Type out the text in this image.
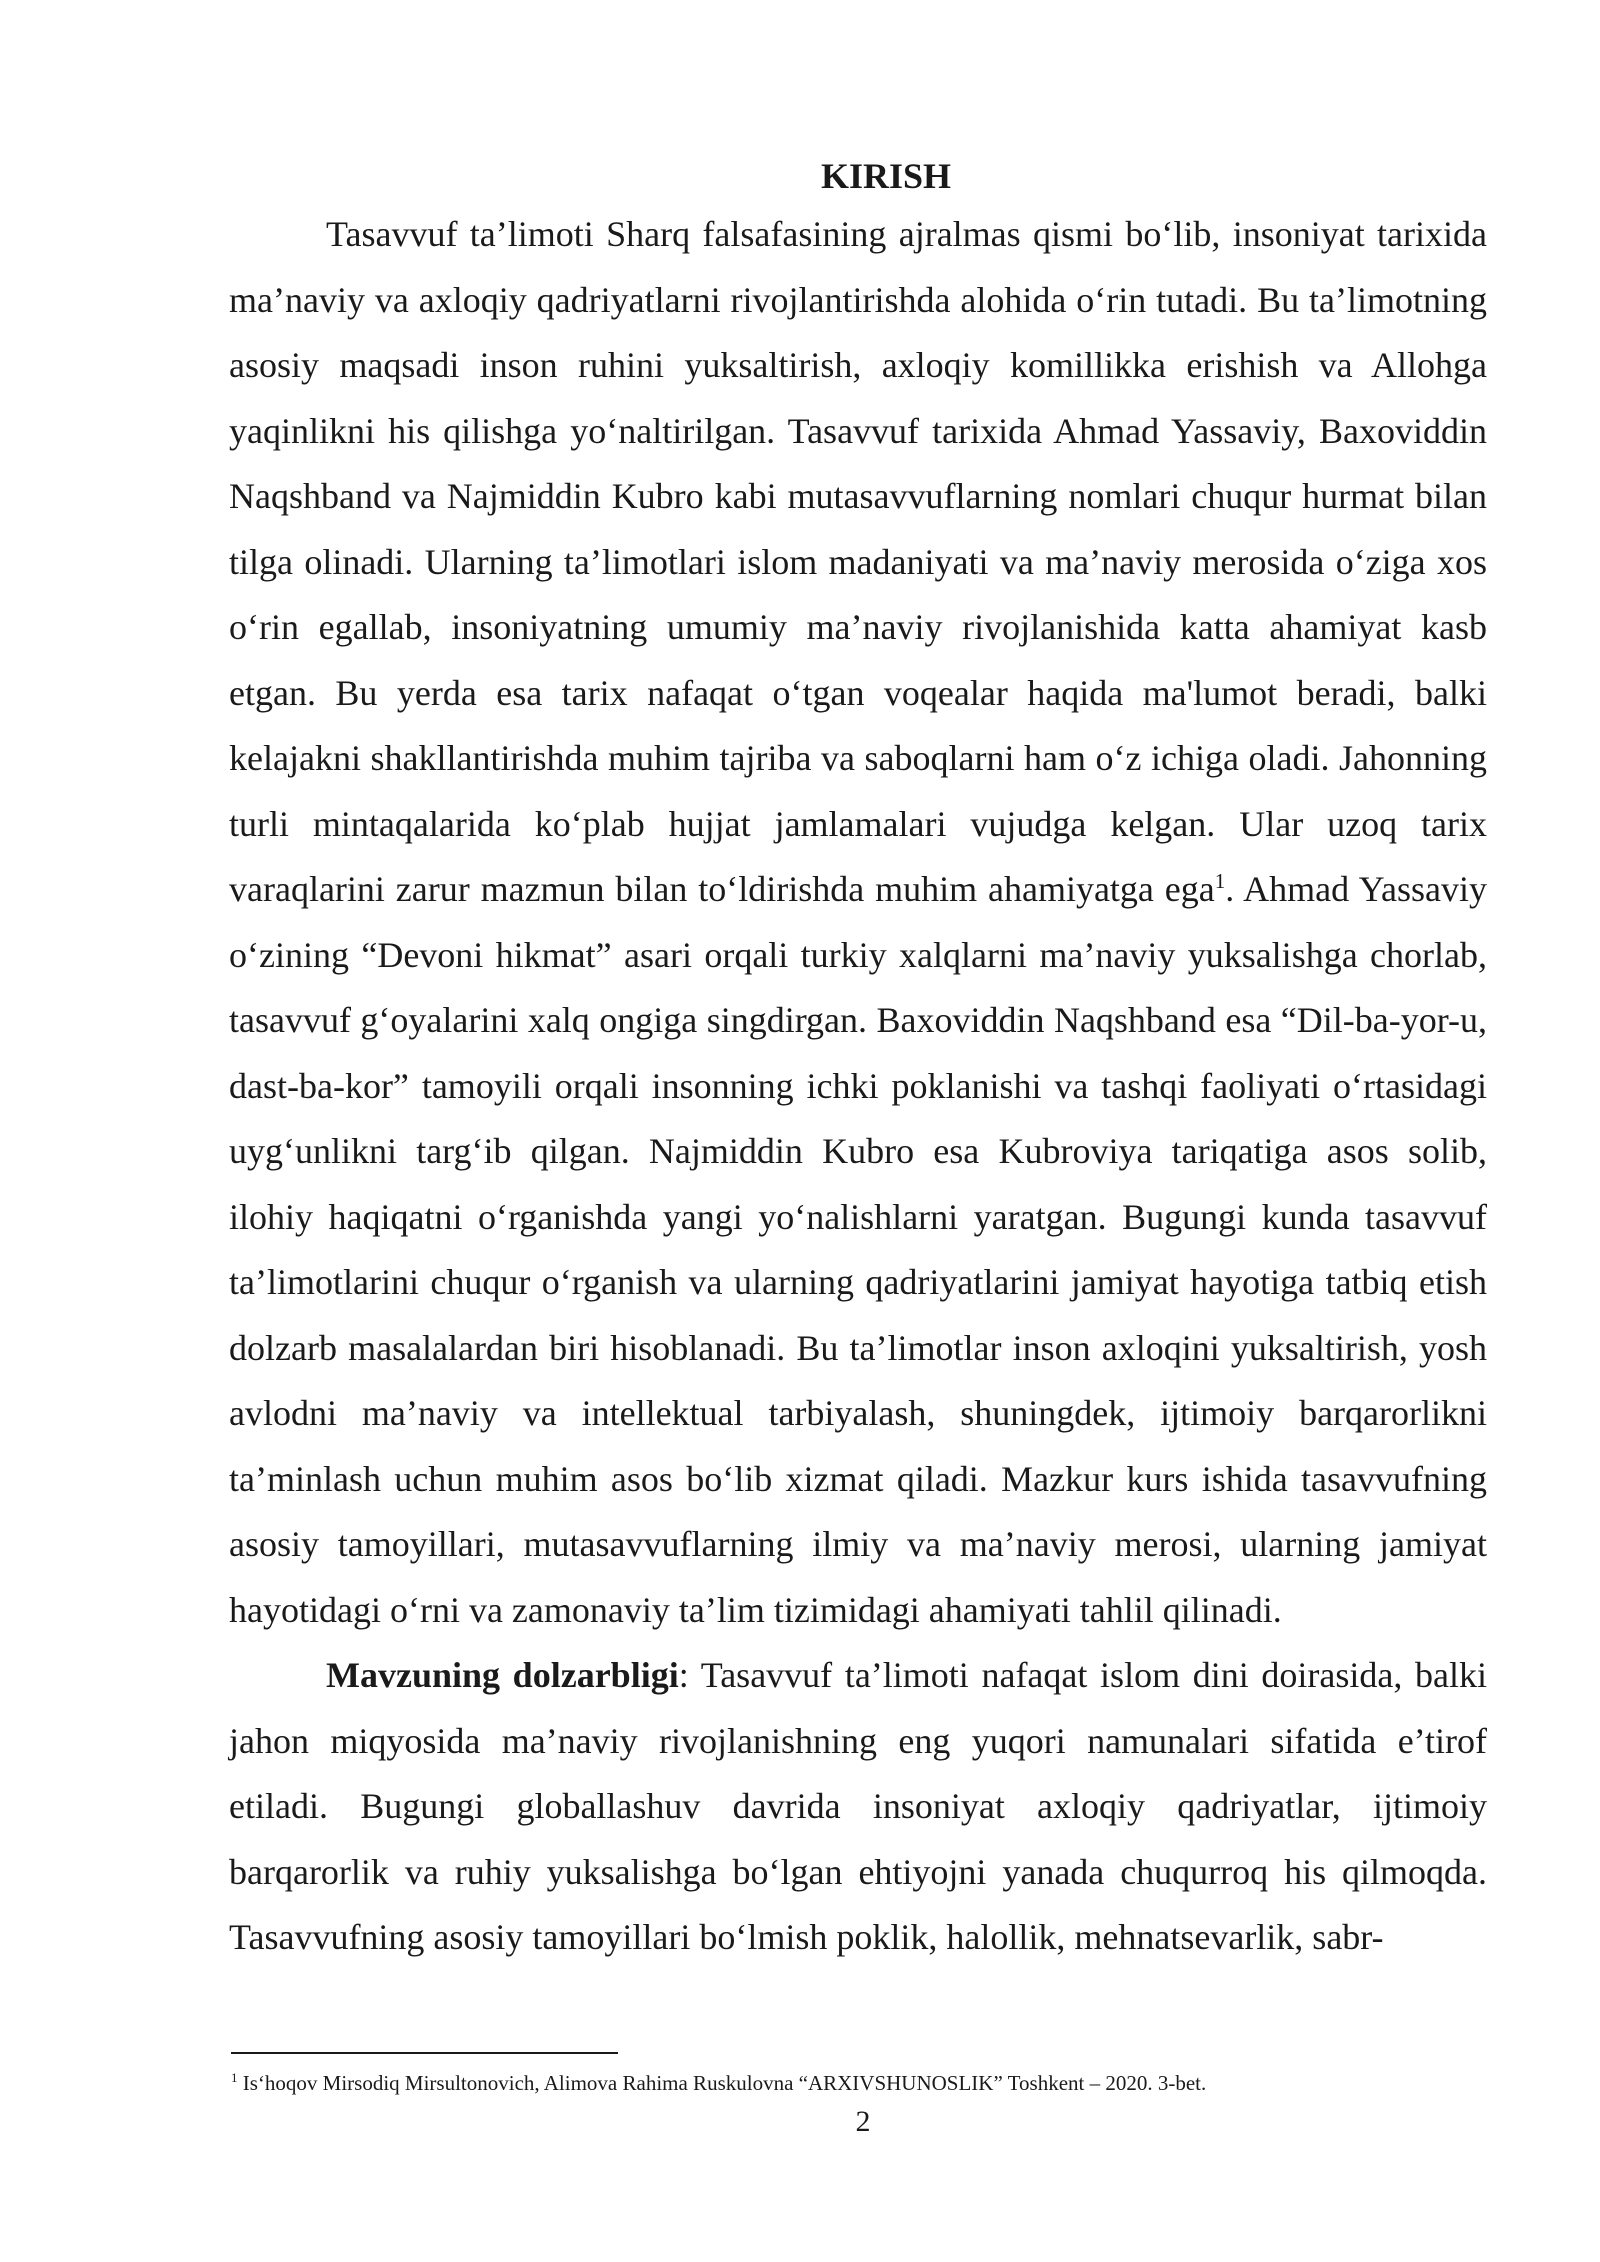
KIRISH

Tasavvuf ta’limoti Sharq falsafasining ajralmas qismi bo‘lib, insoniyat tarixida ma’naviy va axloqiy qadriyatlarni rivojlantirishda alohida o‘rin tutadi. Bu ta’limotning asosiy maqsadi inson ruhini yuksaltirish, axloqiy komillikka erishish va Allohga yaqinlikni his qilishga yo‘naltirilgan. Tasavvuf tarixida Ahmad Yassaviy, Baxoviddin Naqshband va Najmiddin Kubro kabi mutasavvuflarning nomlari chuqur hurmat bilan tilga olinadi. Ularning ta’limotlari islom madaniyati va ma’naviy merosida o‘ziga xos o‘rin egallab, insoniyatning umumiy ma’naviy rivojlanishida katta ahamiyat kasb etgan. Bu yerda esa tarix nafaqat o‘tgan voqealar haqida ma'lumot beradi, balki kelajakni shakllantirishda muhim tajriba va saboqlarni ham o‘z ichiga oladi. Jahonning turli mintaqalarida ko‘plab hujjat jamlamalari vujudga kelgan. Ular uzoq tarix varaqlarini zarur mazmun bilan to‘ldirishda muhim ahamiyatga ega$^1$. Ahmad Yassaviy o‘zining “Devoni hikmat” asari orqali turkiy xalqlarni ma’naviy yuksalishga chorlab, tasavvuf g‘oyalarini xalq ongiga singdirgan. Baxoviddin Naqshband esa “Dil-ba-yor-u, dast-ba-kor” tamoyili orqali insonning ichki poklanishi va tashqi faoliyati o‘rtasidagi uyg‘unlikni targ‘ib qilgan. Najmiddin Kubro esa Kubroviya tariqatiga asos solib, ilohiy haqiqatni o‘rganishda yangi yo‘nalishlarni yaratgan. Bugungi kunda tasavvuf ta’limotlarini chuqur o‘rganish va ularning qadriyatlarini jamiyat hayotiga tatbiq etish dolzarb masalalardan biri hisoblanadi. Bu ta’limotlar inson axloqini yuksaltirish, yosh avlodni ma’naviy va intellektual tarbiyalash, shuningdek, ijtimoiy barqarorlikni ta’minlash uchun muhim asos bo‘lib xizmat qiladi. Mazkur kurs ishida tasavvufning asosiy tamoyillari, mutasavvuflarning ilmiy va ma’naviy merosi, ularning jamiyat hayotidagi o‘rni va zamonaviy ta’lim tizimidagi ahamiyati tahlil qilinadi.

Mavzuning dolzarbligi: Tasavvuf ta’limoti nafaqat islom dini doirasida, balki jahon miqyosida ma’naviy rivojlanishning eng yuqori namunalari sifatida e’tirof etiladi. Bugungi globallashuv davrida insoniyat axloqiy qadriyatlar, ijtimoiy barqarorlik va ruhiy yuksalishga bo‘lgan ehtiyojni yanada chuqurroq his qilmoqda. Tasavvufning asosiy tamoyillari bo‘lmish poklik, halollik, mehnatsevarlik, sabr-

$^1$ Is‘hoqov Mirsodiq Mirsultonovich, Alimova Rahima Ruskulovna “ARXIVSHUNOSLIK” Toshkent – 2020. 3-bet.
2
